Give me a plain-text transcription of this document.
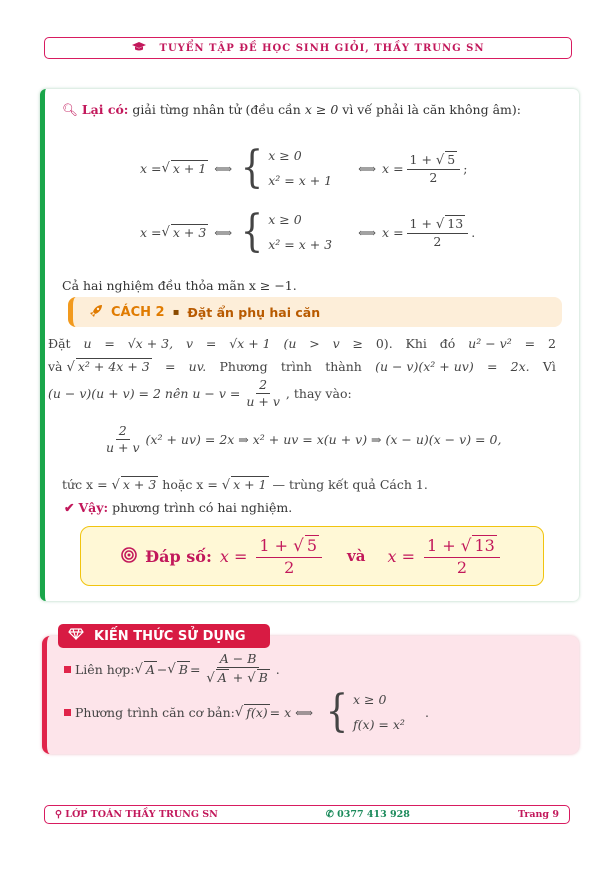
TUYỂN TẬP ĐỀ HỌC SINH GIỎI, THẦY TRUNG SN
🔍︎ Lại có: giải từng nhân tử (đều cần x ≥ 0 vì vế phải là căn không âm):
x = √ x + 1 ⟺ { x ≥ 0
x² = x + 1
⟺ $x = \frac{1 + √ 5}{2}$ ;
x = √ x + 3 ⟺ { x ≥ 0
x² = x + 3
⟺ $x = \frac{1 + √ 13}{2}$ .
Cả hai nghiệm đều thỏa mãn x ≥ −1.
CÁCH 2 ▪ Đặt ẩn phụ hai căn
Đặt u = √x + 3, v = √x + 1 (u > v ≥ 0). Khi đó u² − v² = 2
và √ x² + 4x + 3 = uv. Phương trình thành (u − v)(x² + uv) = 2x. Vì
(u − v)(u + v) = 2 nên $u - v = \frac{2}{u + v}$ , thay vào:
$\frac{2}{u + v} (x^2 + uv) = 2x$ ⇒ x² + uv = x(u + v) ⇒ (x − u)(x − v) = 0,
tức x = √ x + 3 hoặc x = √ x + 1 — trùng kết quả Cách 1.
✔ Vậy: phương trình có hai nghiệm.
Đáp số: $x = \frac{1 + √ 5}{2}$ và $x = \frac{1 + √ 13}{2}$
KIẾN THỨC SỬ DỤNG
Liên hợp: √ A − √ $B = \frac{A - B}{√ A + √ B}$ .
Phương trình căn cơ bản: √ f(x) = x ⟺ { x ≥ 0
f(x) = x²
.
⚲ LỚP TOÁN THẦY TRUNG SN	✆ 0377 413 928	Trang 9
